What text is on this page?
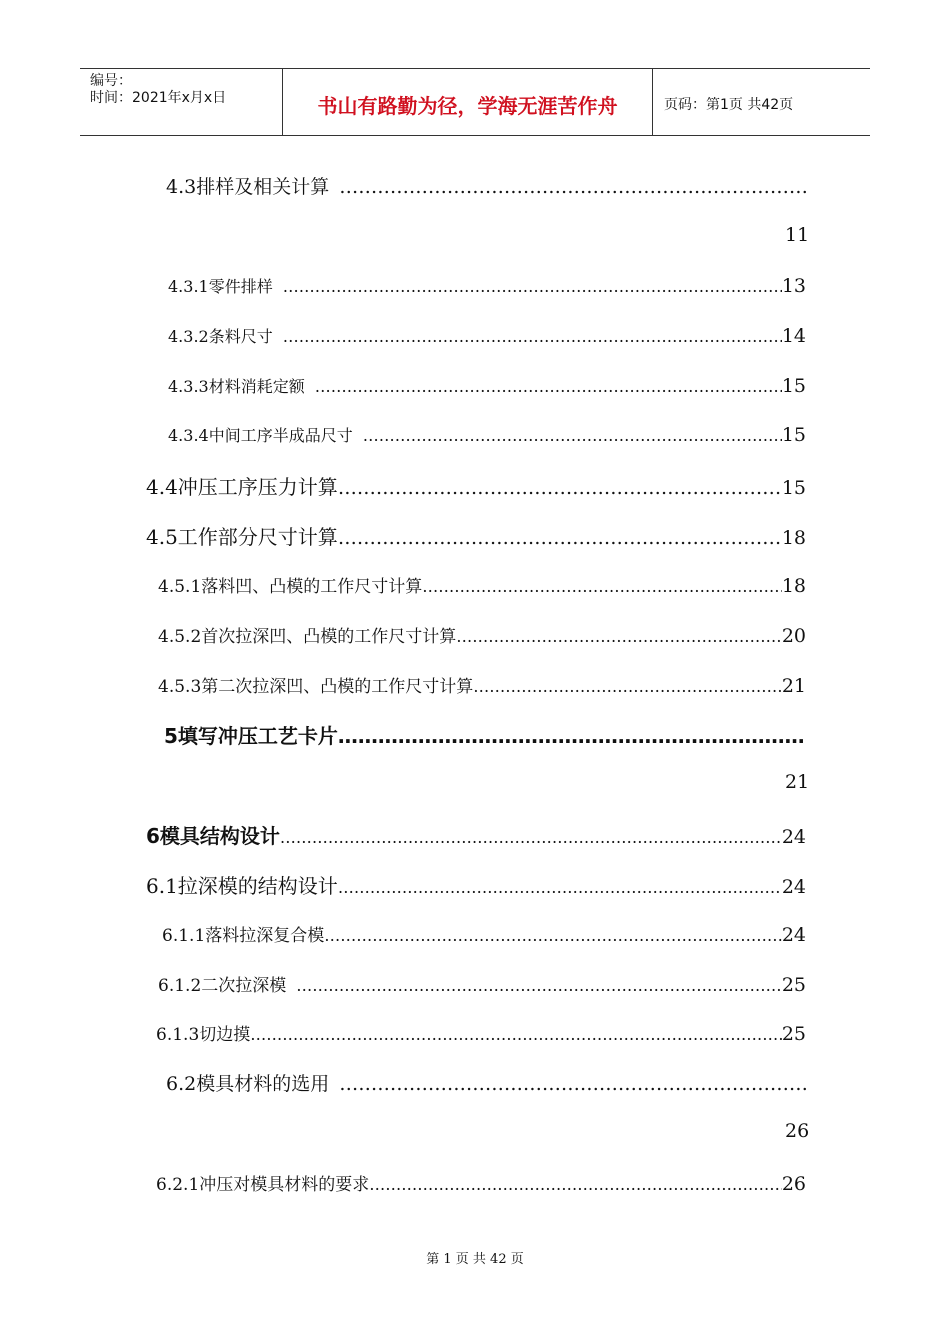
编号：
时间：2021年x月x日	书山有路勤为径，学海无涯苦作舟	页码：第1页 共42页
4.3排样及相关计算
…………………………………………………………………………………………………………………………………………………………………………………………………
11
4.3.1零件排样 …………………………………………………………………………………………………………………………………………………………………………………………………	13
4.3.2条料尺寸 …………………………………………………………………………………………………………………………………………………………………………………………………	14
4.3.3材料消耗定额 …………………………………………………………………………………………………………………………………………………………………………………………………	15
4.3.4中间工序半成品尺寸 …………………………………………………………………………………………………………………………………………………………………………………………………	15
4.4冲压工序压力计算 …………………………………………………………………………………………………………………………………………………………………………………………………	15
4.5工作部分尺寸计算 …………………………………………………………………………………………………………………………………………………………………………………………………	18
4.5.1落料凹、凸模的工作尺寸计算 …………………………………………………………………………………………………………………………………………………………………………………………………	18
4.5.2首次拉深凹、凸模的工作尺寸计算 …………………………………………………………………………………………………………………………………………………………………………………………………	20
4.5.3第二次拉深凹、凸模的工作尺寸计算 …………………………………………………………………………………………………………………………………………………………………………………………………	21
5填写冲压工艺卡片
…………………………………………………………………………………………………………………………………………………………………………………………………
21
6模具结构设计 …………………………………………………………………………………………………………………………………………………………………………………………………	24
6.1拉深模的结构设计 …………………………………………………………………………………………………………………………………………………………………………………………………	24
6.1.1落料拉深复合模 …………………………………………………………………………………………………………………………………………………………………………………………………	24
6.1.2二次拉深模 …………………………………………………………………………………………………………………………………………………………………………………………………	25
6.1.3切边摸 …………………………………………………………………………………………………………………………………………………………………………………………………	25
6.2模具材料的选用
…………………………………………………………………………………………………………………………………………………………………………………………………
26
6.2.1冲压对模具材料的要求 …………………………………………………………………………………………………………………………………………………………………………………………………	26
第 1 页 共 42 页
